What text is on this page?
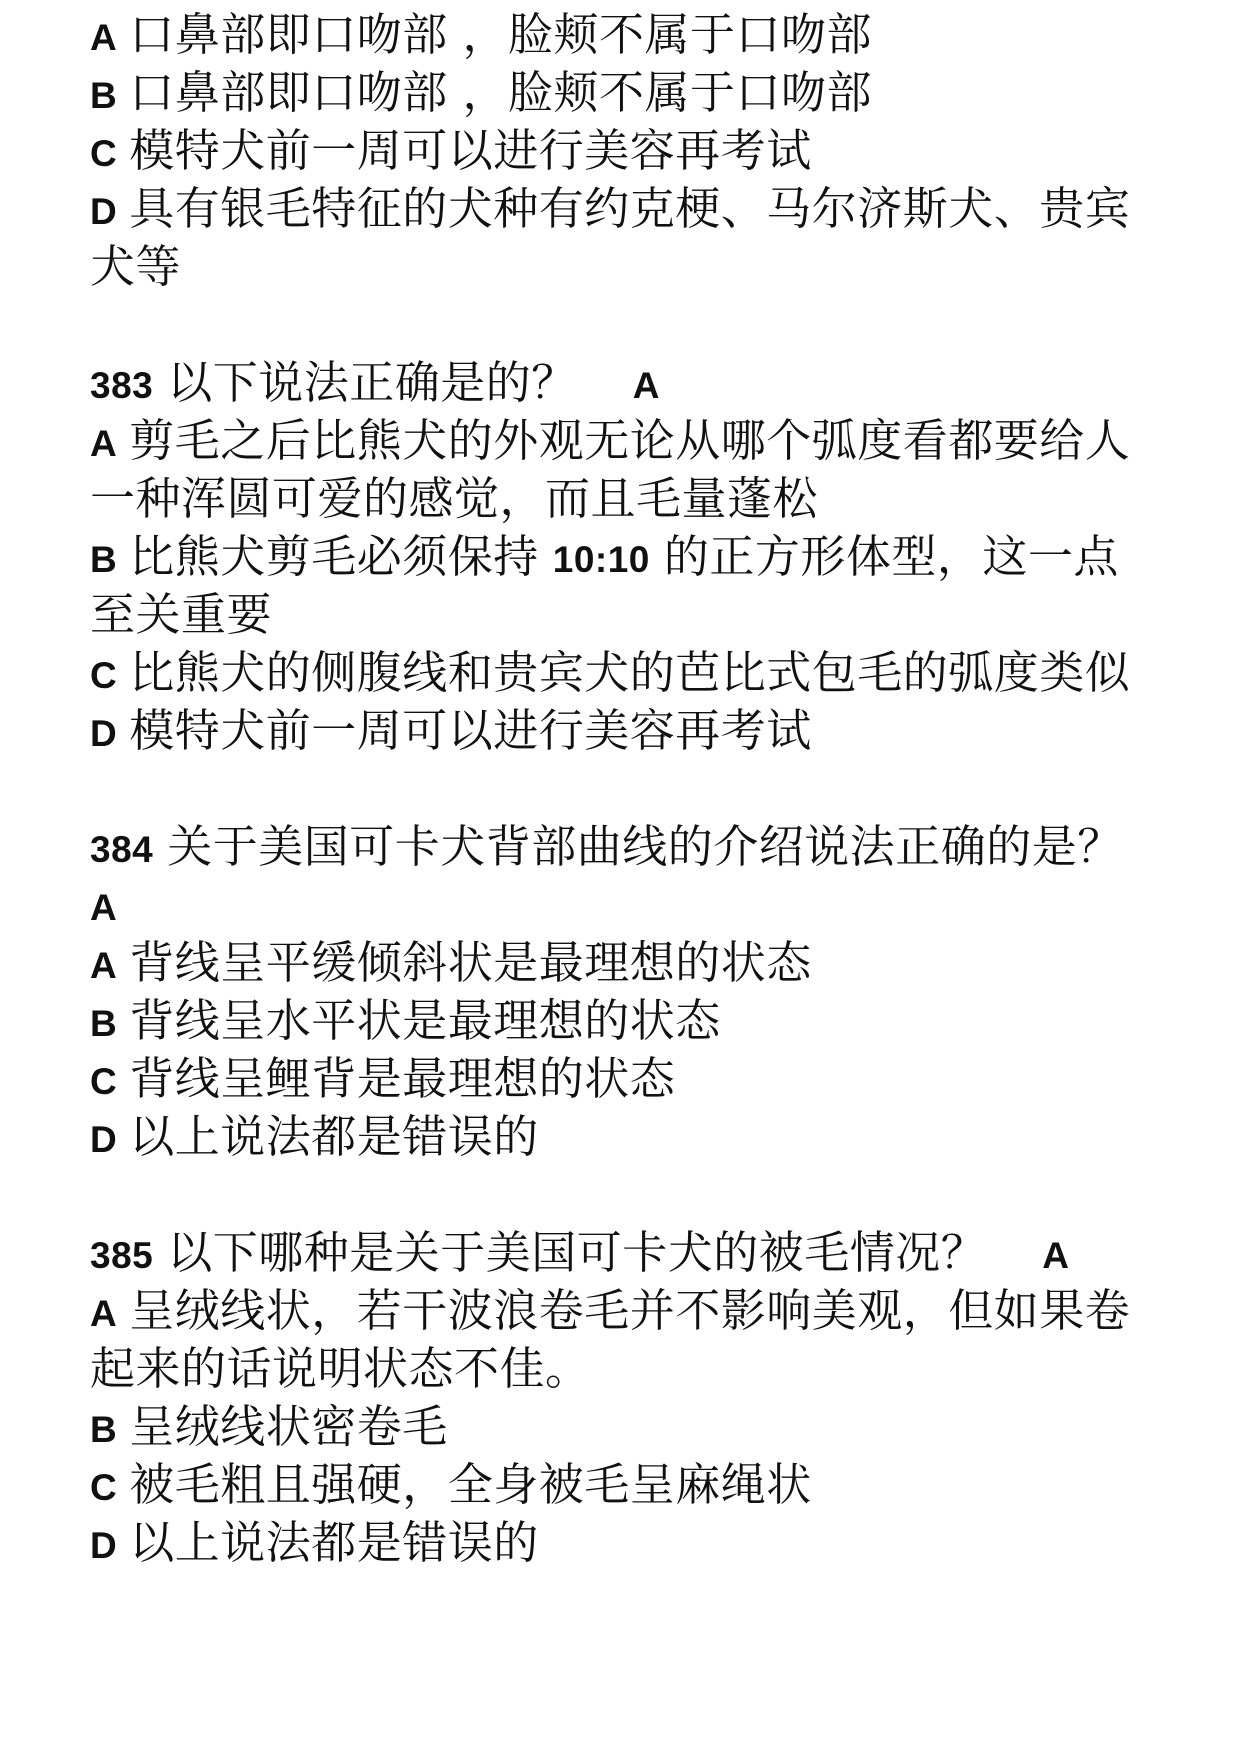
A 口鼻部即口吻部 ，脸颊不属于口吻部
B 口鼻部即口吻部 ，脸颊不属于口吻部
C 模特犬前一周可以进行美容再考试
D 具有银毛特征的犬种有约克梗、马尔济斯犬、贵宾
犬等
383 以下说法正确是的？ A
A 剪毛之后比熊犬的外观无论从哪个弧度看都要给人
一种浑圆可爱的感觉，而且毛量蓬松
B 比熊犬剪毛必须保持 10:10 的正方形体型，这一点
至关重要
C 比熊犬的侧腹线和贵宾犬的芭比式包毛的弧度类似
D 模特犬前一周可以进行美容再考试
384 关于美国可卡犬背部曲线的介绍说法正确的是？
A
A 背线呈平缓倾斜状是最理想的状态
B 背线呈水平状是最理想的状态
C 背线呈鲤背是最理想的状态
D 以上说法都是错误的
385 以下哪种是关于美国可卡犬的被毛情况？ A
A 呈绒线状，若干波浪卷毛并不影响美观，但如果卷
起来的话说明状态不佳。
B 呈绒线状密卷毛
C 被毛粗且强硬，全身被毛呈麻绳状
D 以上说法都是错误的
